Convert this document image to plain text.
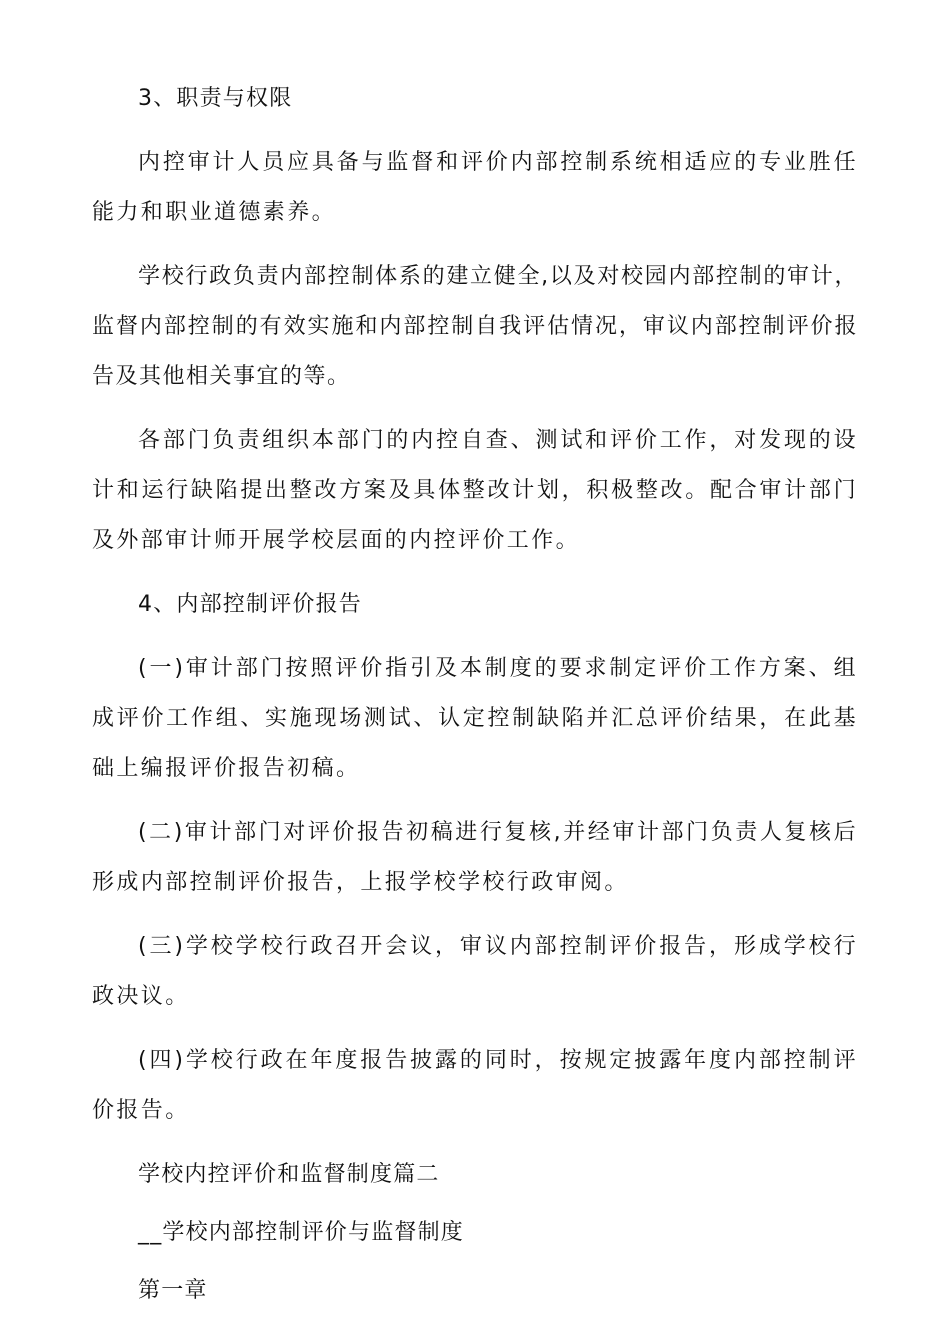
3、职责与权限

内控审计人员应具备与监督和评价内部控制系统相适应的专业胜任能力和职业道德素养。

学校行政负责内部控制体系的建立健全,以及对校园内部控制的审计，监督内部控制的有效实施和内部控制自我评估情况，审议内部控制评价报告及其他相关事宜的等。

各部门负责组织本部门的内控自查、测试和评价工作，对发现的设计和运行缺陷提出整改方案及具体整改计划，积极整改。配合审计部门及外部审计师开展学校层面的内控评价工作。

4、内部控制评价报告

(一)审计部门按照评价指引及本制度的要求制定评价工作方案、组成评价工作组、实施现场测试、认定控制缺陷并汇总评价结果，在此基础上编报评价报告初稿。

(二)审计部门对评价报告初稿进行复核,并经审计部门负责人复核后形成内部控制评价报告，上报学校学校行政审阅。

(三)学校学校行政召开会议，审议内部控制评价报告，形成学校行政决议。

(四)学校行政在年度报告披露的同时，按规定披露年度内部控制评价报告。

学校内控评价和监督制度篇二

__学校内部控制评价与监督制度

第一章
